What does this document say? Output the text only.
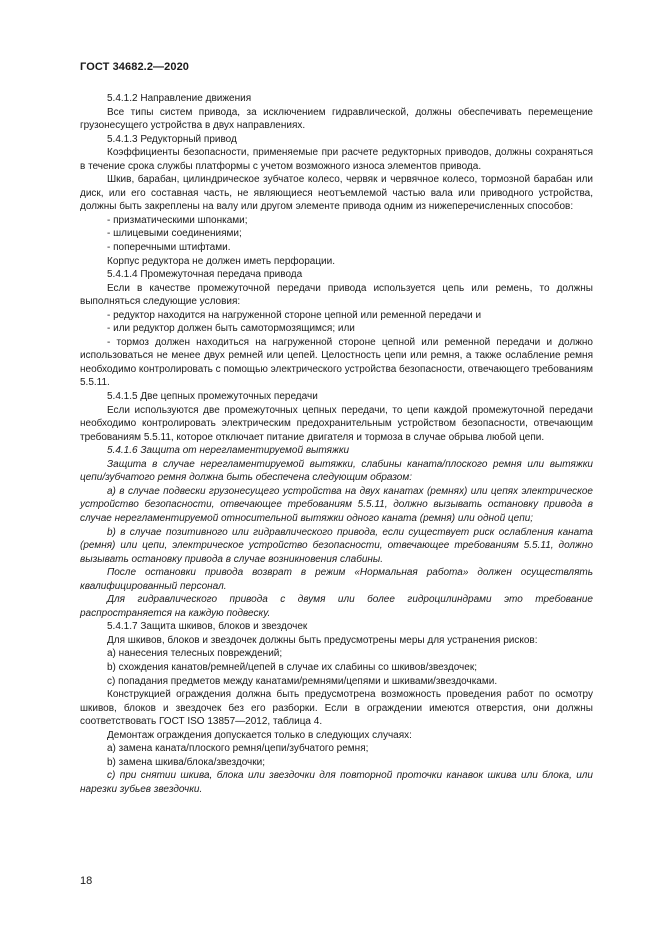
ГОСТ 34682.2—2020

5.4.1.2 Направление движения

Все типы систем привода, за исключением гидравлической, должны обеспечивать перемещение грузонесущего устройства в двух направлениях.

5.4.1.3 Редукторный привод

Коэффициенты безопасности, применяемые при расчете редукторных приводов, должны сохраняться в течение срока службы платформы с учетом возможного износа элементов привода.

Шкив, барабан, цилиндрическое зубчатое колесо, червяк и червячное колесо, тормозной барабан или диск, или его составная часть, не являющиеся неотъемлемой частью вала или приводного устройства, должны быть закреплены на валу или другом элементе привода одним из нижеперечисленных способов:

- призматическими шпонками;

- шлицевыми соединениями;

- поперечными штифтами.

Корпус редуктора не должен иметь перфорации.

5.4.1.4 Промежуточная передача привода

Если в качестве промежуточной передачи привода используется цепь или ремень, то должны выполняться следующие условия:

- редуктор находится на нагруженной стороне цепной или ременной передачи и

- или редуктор должен быть самотормозящимся; или

- тормоз должен находиться на нагруженной стороне цепной или ременной передачи и должно использоваться не менее двух ремней или цепей. Целостность цепи или ремня, а также ослабление ремня необходимо контролировать с помощью электрического устройства безопасности, отвечающего требованиям 5.5.11.

5.4.1.5 Две цепных промежуточных передачи

Если используются две промежуточных цепных передачи, то цепи каждой промежуточной передачи необходимо контролировать электрическим предохранительным устройством безопасности, отвечающим требованиям 5.5.11, которое отключает питание двигателя и тормоза в случае обрыва любой цепи.

5.4.1.6 Защита от нерегламентируемой вытяжки

Защита в случае нерегламентируемой вытяжки, слабины каната/плоского ремня или вытяжки цепи/зубчатого ремня должна быть обеспечена следующим образом:

а) в случае подвески грузонесущего устройства на двух канатах (ремнях) или цепях электрическое устройство безопасности, отвечающее требованиям 5.5.11, должно вызывать остановку привода в случае нерегламентируемой относительной вытяжки одного каната (ремня) или одной цепи;

b) в случае позитивного или гидравлического привода, если существует риск ослабления каната (ремня) или цепи, электрическое устройство безопасности, отвечающее требованиям 5.5.11, должно вызывать остановку привода в случае возникновения слабины.

После остановки привода возврат в режим «Нормальная работа» должен осуществлять квалифицированный персонал.

Для гидравлического привода с двумя или более гидроцилиндрами это требование распространяется на каждую подвеску.

5.4.1.7 Защита шкивов, блоков и звездочек

Для шкивов, блоков и звездочек должны быть предусмотрены меры для устранения рисков:

а) нанесения телесных повреждений;

b) схождения канатов/ремней/цепей в случае их слабины со шкивов/звездочек;

c) попадания предметов между канатами/ремнями/цепями и шкивами/звездочками.

Конструкцией ограждения должна быть предусмотрена возможность проведения работ по осмотру шкивов, блоков и звездочек без его разборки. Если в ограждении имеются отверстия, они должны соответствовать ГОСТ ISO 13857—2012, таблица 4.

Демонтаж ограждения допускается только в следующих случаях:

а) замена каната/плоского ремня/цепи/зубчатого ремня;

b) замена шкива/блока/звездочки;

c) при снятии шкива, блока или звездочки для повторной проточки канавок шкива или блока, или нарезки зубьев звездочки.

18
